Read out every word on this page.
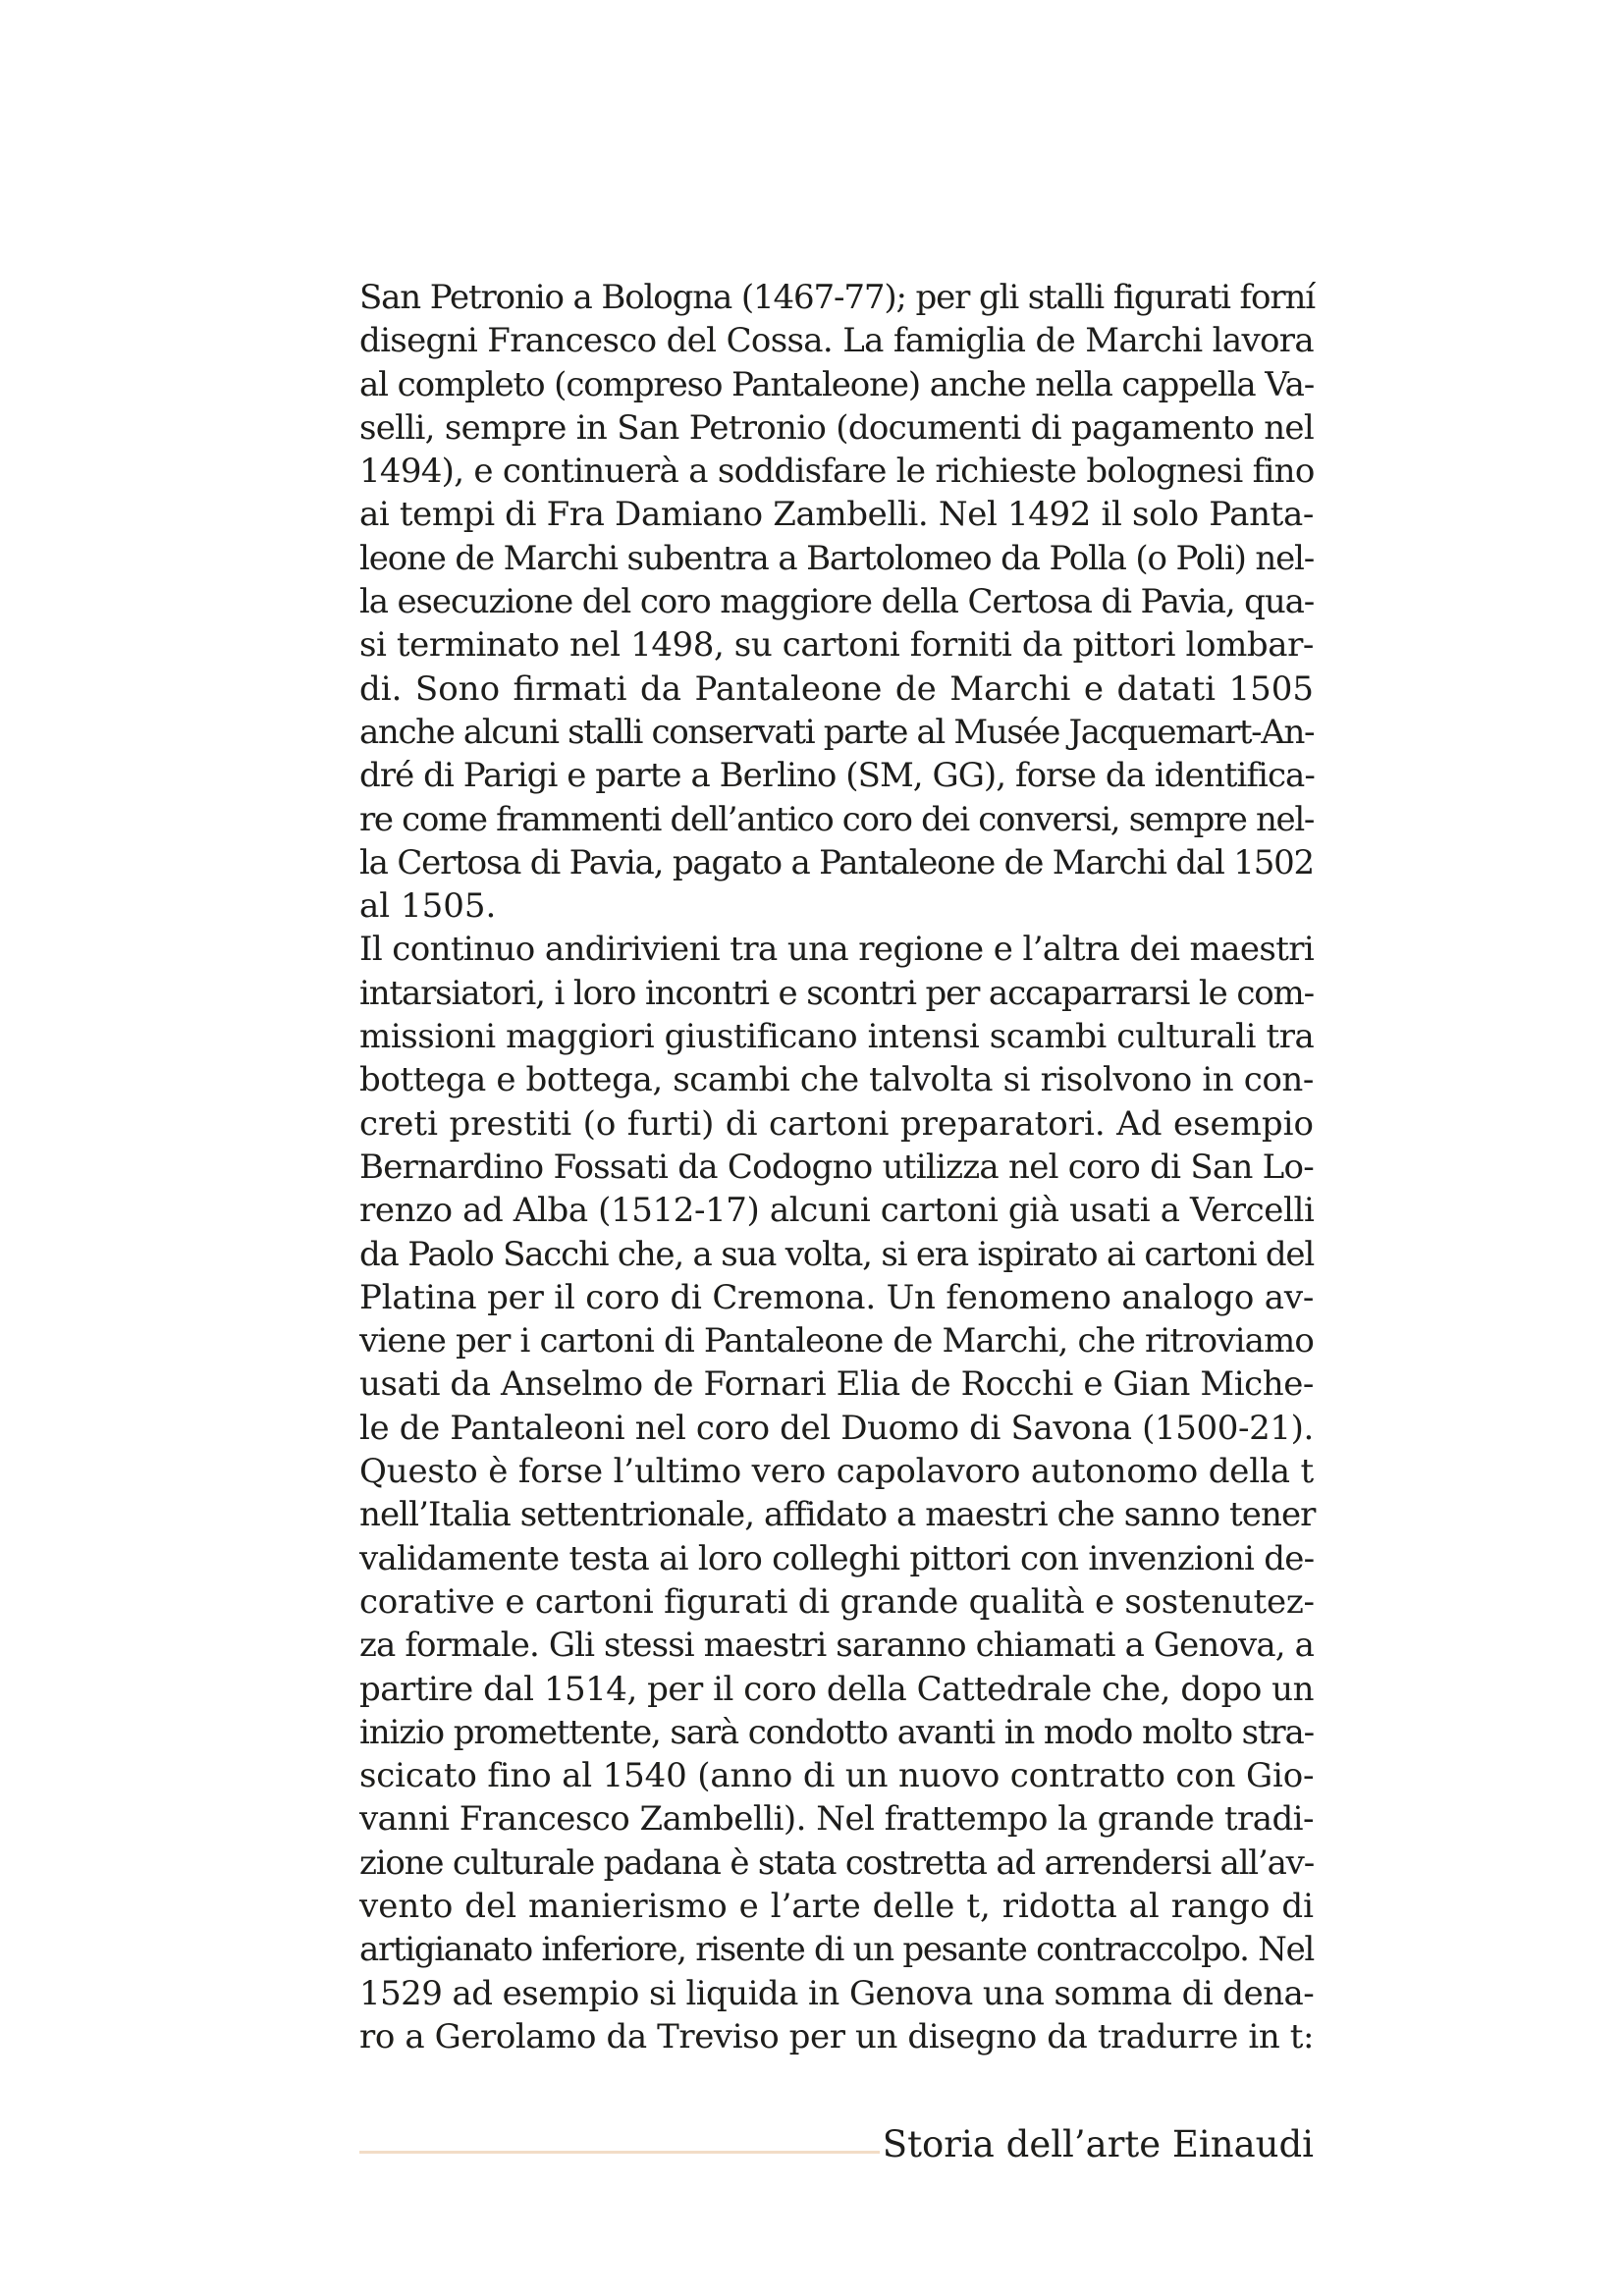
San Petronio a Bologna (1467-77); per gli stalli figurati forní
disegni Francesco del Cossa. La famiglia de Marchi lavora
al completo (compreso Pantaleone) anche nella cappella Va-
selli, sempre in San Petronio (documenti di pagamento nel
1494), e continuerà a soddisfare le richieste bolognesi fino
ai tempi di Fra Damiano Zambelli. Nel 1492 il solo Panta-
leone de Marchi subentra a Bartolomeo da Polla (o Poli) nel-
la esecuzione del coro maggiore della Certosa di Pavia, qua-
si terminato nel 1498, su cartoni forniti da pittori lombar-
di. Sono firmati da Pantaleone de Marchi e datati 1505
anche alcuni stalli conservati parte al Musée Jacquemart-An-
dré di Parigi e parte a Berlino (SM, GG), forse da identifica-
re come frammenti dell’antico coro dei conversi, sempre nel-
la Certosa di Pavia, pagato a Pantaleone de Marchi dal 1502
al 1505.
Il continuo andirivieni tra una regione e l’altra dei maestri
intarsiatori, i loro incontri e scontri per accaparrarsi le com-
missioni maggiori giustificano intensi scambi culturali tra
bottega e bottega, scambi che talvolta si risolvono in con-
creti prestiti (o furti) di cartoni preparatori. Ad esempio
Bernardino Fossati da Codogno utilizza nel coro di San Lo-
renzo ad Alba (1512-17) alcuni cartoni già usati a Vercelli
da Paolo Sacchi che, a sua volta, si era ispirato ai cartoni del
Platina per il coro di Cremona. Un fenomeno analogo av-
viene per i cartoni di Pantaleone de Marchi, che ritroviamo
usati da Anselmo de Fornari Elia de Rocchi e Gian Miche-
le de Pantaleoni nel coro del Duomo di Savona (1500-21).
Questo è forse l’ultimo vero capolavoro autonomo della t
nell’Italia settentrionale, affidato a maestri che sanno tener
validamente testa ai loro colleghi pittori con invenzioni de-
corative e cartoni figurati di grande qualità e sostenutez-
za formale. Gli stessi maestri saranno chiamati a Genova, a
partire dal 1514, per il coro della Cattedrale che, dopo un
inizio promettente, sarà condotto avanti in modo molto stra-
scicato fino al 1540 (anno di un nuovo contratto con Gio-
vanni Francesco Zambelli). Nel frattempo la grande tradi-
zione culturale padana è stata costretta ad arrendersi all’av-
vento del manierismo e l’arte delle t, ridotta al rango di
artigianato inferiore, risente di un pesante contraccolpo. Nel
1529 ad esempio si liquida in Genova una somma di dena-
ro a Gerolamo da Treviso per un disegno da tradurre in t:
Storia dell’arte Einaudi
